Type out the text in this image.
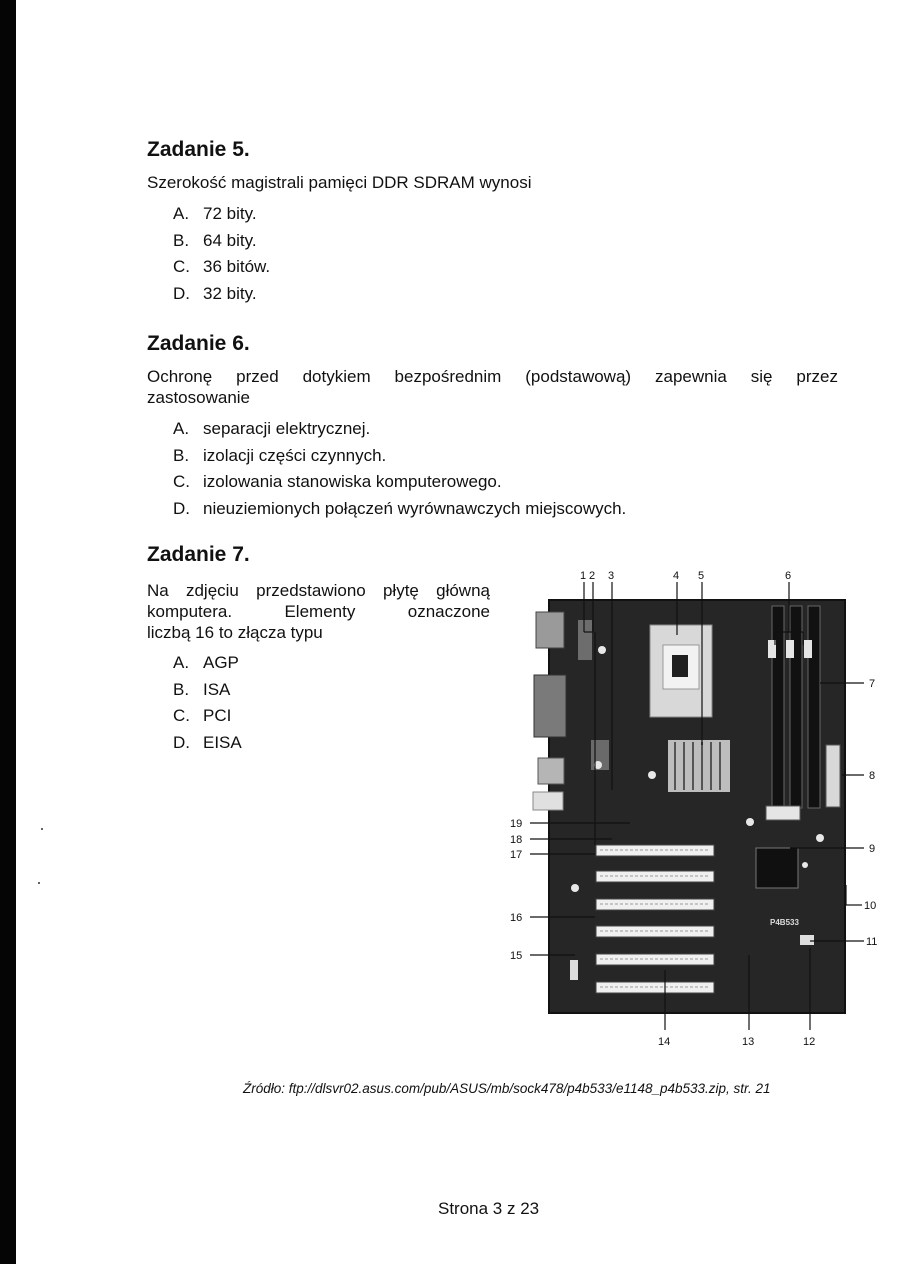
Zadanie 5.

Szerokość magistrali pamięci DDR SDRAM wynosi

A. 72 bity.
B. 64 bity.
C. 36 bitów.
D. 32 bity.
Zadanie 6.

Ochronę przed dotykiem bezpośrednim (podstawową) zapewnia się przez

zastosowanie

A. separacji elektrycznej.
B. izolacji części czynnych.
C. izolowania stanowiska komputerowego.
D. nieuziemionych połączeń wyrównawczych miejscowych.
Zadanie 7.

Na zdjęciu przedstawiono płytę główną

komputera. Elementy oznaczone

liczbą 16 to złącza typu

A. AGP
B. ISA
C. PCI
D. EISA
P4B533
1 2 3	4 5	6
7
8
9
10
11
12
13
14
15
16
17
18
19
Źródło: ftp://dlsvr02.asus.com/pub/ASUS/mb/sock478/p4b533/e1148_p4b533.zip, str. 21
Strona 3 z 23
